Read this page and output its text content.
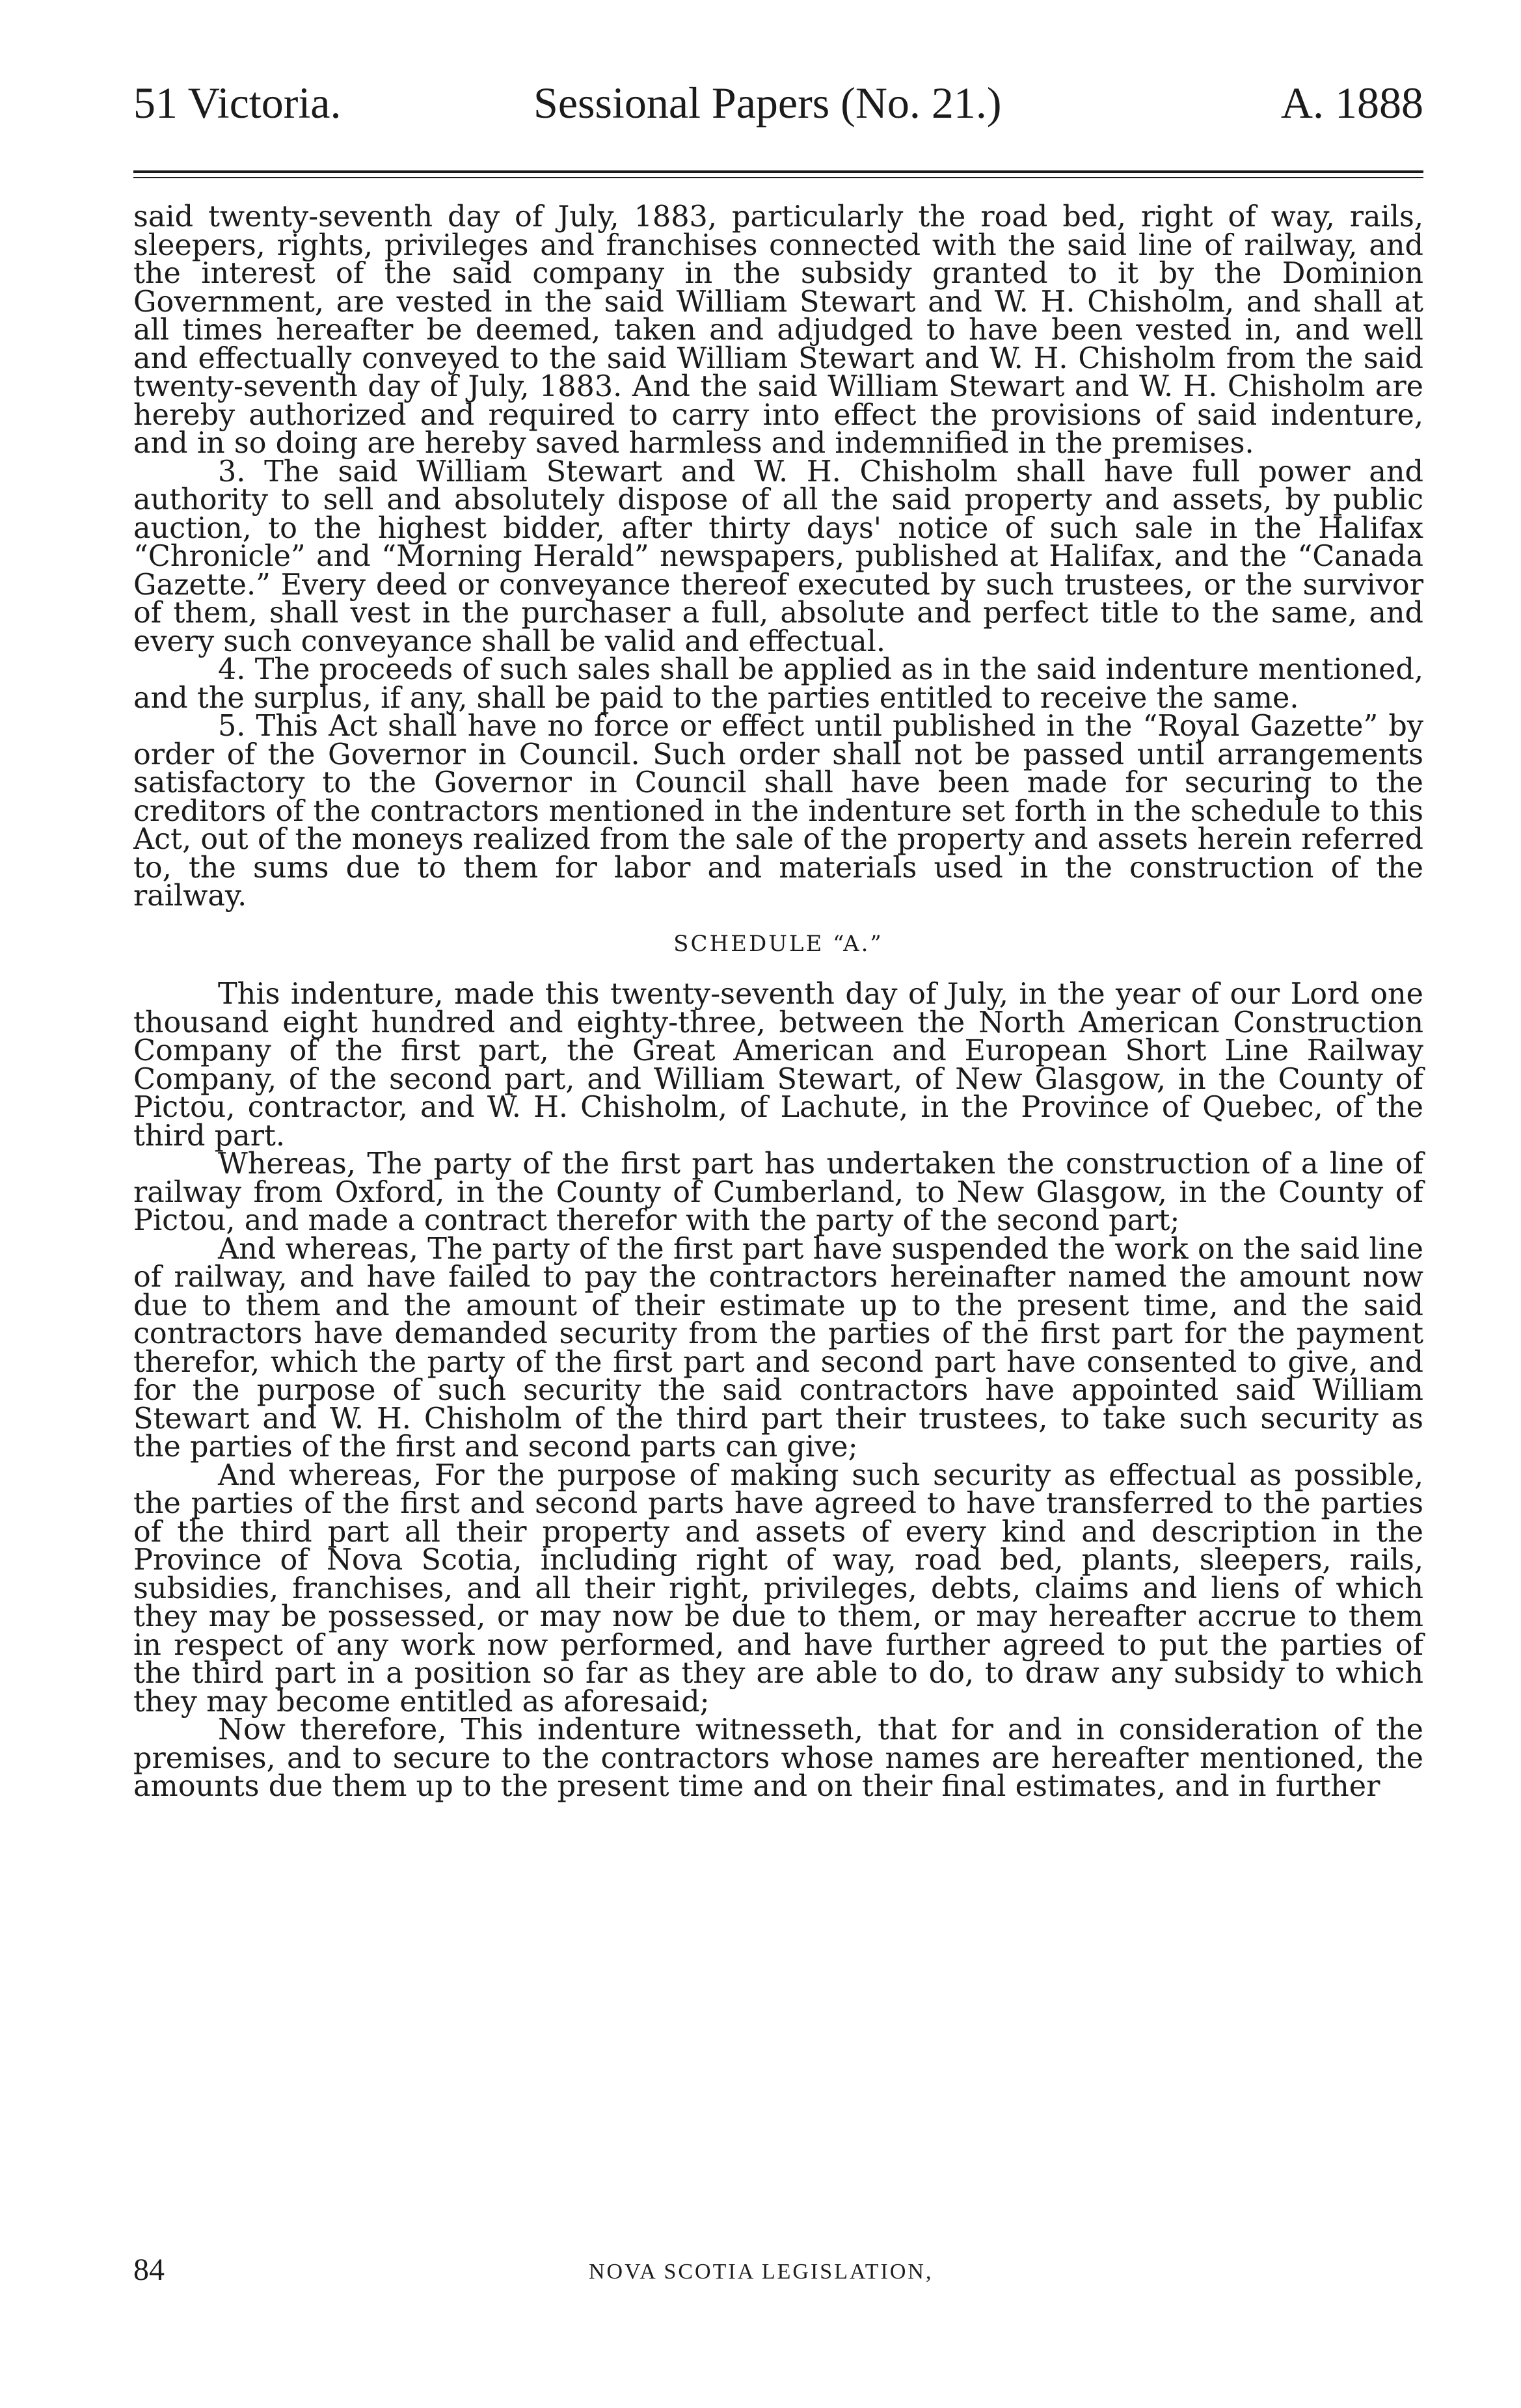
51 Victoria.	Sessional Papers (No. 21.)	A. 1888

said twenty-seventh day of July, 1883, particularly the road bed, right of way, rails, sleepers, rights, privileges and franchises connected with the said line of railway, and the interest of the said company in the subsidy granted to it by the Dominion Government, are vested in the said William Stewart and W. H. Chisholm, and shall at all times hereafter be deemed, taken and adjudged to have been vested in, and well and effectually conveyed to the said William Stewart and W. H. Chisholm from the said twenty-seventh day of July, 1883. And the said William Stewart and W. H. Chisholm are hereby authorized and required to carry into effect the provisions of said indenture, and in so doing are hereby saved harmless and indemnified in the premises.

3. The said William Stewart and W. H. Chisholm shall have full power and authority to sell and absolutely dispose of all the said property and assets, by public auction, to the highest bidder, after thirty days' notice of such sale in the Halifax “Chronicle” and “Morning Herald” newspapers, published at Halifax, and the “Canada Gazette.” Every deed or conveyance thereof executed by such trustees, or the survivor of them, shall vest in the purchaser a full, absolute and perfect title to the same, and every such conveyance shall be valid and effectual.

4. The proceeds of such sales shall be applied as in the said indenture mentioned, and the surplus, if any, shall be paid to the parties entitled to receive the same.

5. This Act shall have no force or effect until published in the “Royal Gazette” by order of the Governor in Council. Such order shall not be passed until arrangements satisfactory to the Governor in Council shall have been made for securing to the creditors of the contractors mentioned in the indenture set forth in the schedule to this Act, out of the moneys realized from the sale of the property and assets herein referred to, the sums due to them for labor and materials used in the construction of the railway.

SCHEDULE “A.”

This indenture, made this twenty-seventh day of July, in the year of our Lord one thousand eight hundred and eighty-three, between the North American Construction Company of the first part, the Great American and European Short Line Railway Company, of the second part, and William Stewart, of New Glasgow, in the County of Pictou, contractor, and W. H. Chisholm, of Lachute, in the Province of Quebec, of the third part.

Whereas, The party of the first part has undertaken the construction of a line of railway from Oxford, in the County of Cumberland, to New Glasgow, in the County of Pictou, and made a contract therefor with the party of the second part;

And whereas, The party of the first part have suspended the work on the said line of railway, and have failed to pay the contractors hereinafter named the amount now due to them and the amount of their estimate up to the present time, and the said contractors have demanded security from the parties of the first part for the payment therefor, which the party of the first part and second part have consented to give, and for the purpose of such security the said contractors have appointed said William Stewart and W. H. Chisholm of the third part their trustees, to take such security as the parties of the first and second parts can give;

And whereas, For the purpose of making such security as effectual as possible, the parties of the first and second parts have agreed to have transferred to the parties of the third part all their property and assets of every kind and description in the Province of Nova Scotia, including right of way, road bed, plants, sleepers, rails, subsidies, franchises, and all their right, privileges, debts, claims and liens of which they may be possessed, or may now be due to them, or may hereafter accrue to them in respect of any work now performed, and have further agreed to put the parties of the third part in a position so far as they are able to do, to draw any subsidy to which they may become entitled as aforesaid;

Now therefore, This indenture witnesseth, that for and in consideration of the premises, and to secure to the contractors whose names are hereafter mentioned, the amounts due them up to the present time and on their final estimates, and in further

84	NOVA SCOTIA LEGISLATION,
